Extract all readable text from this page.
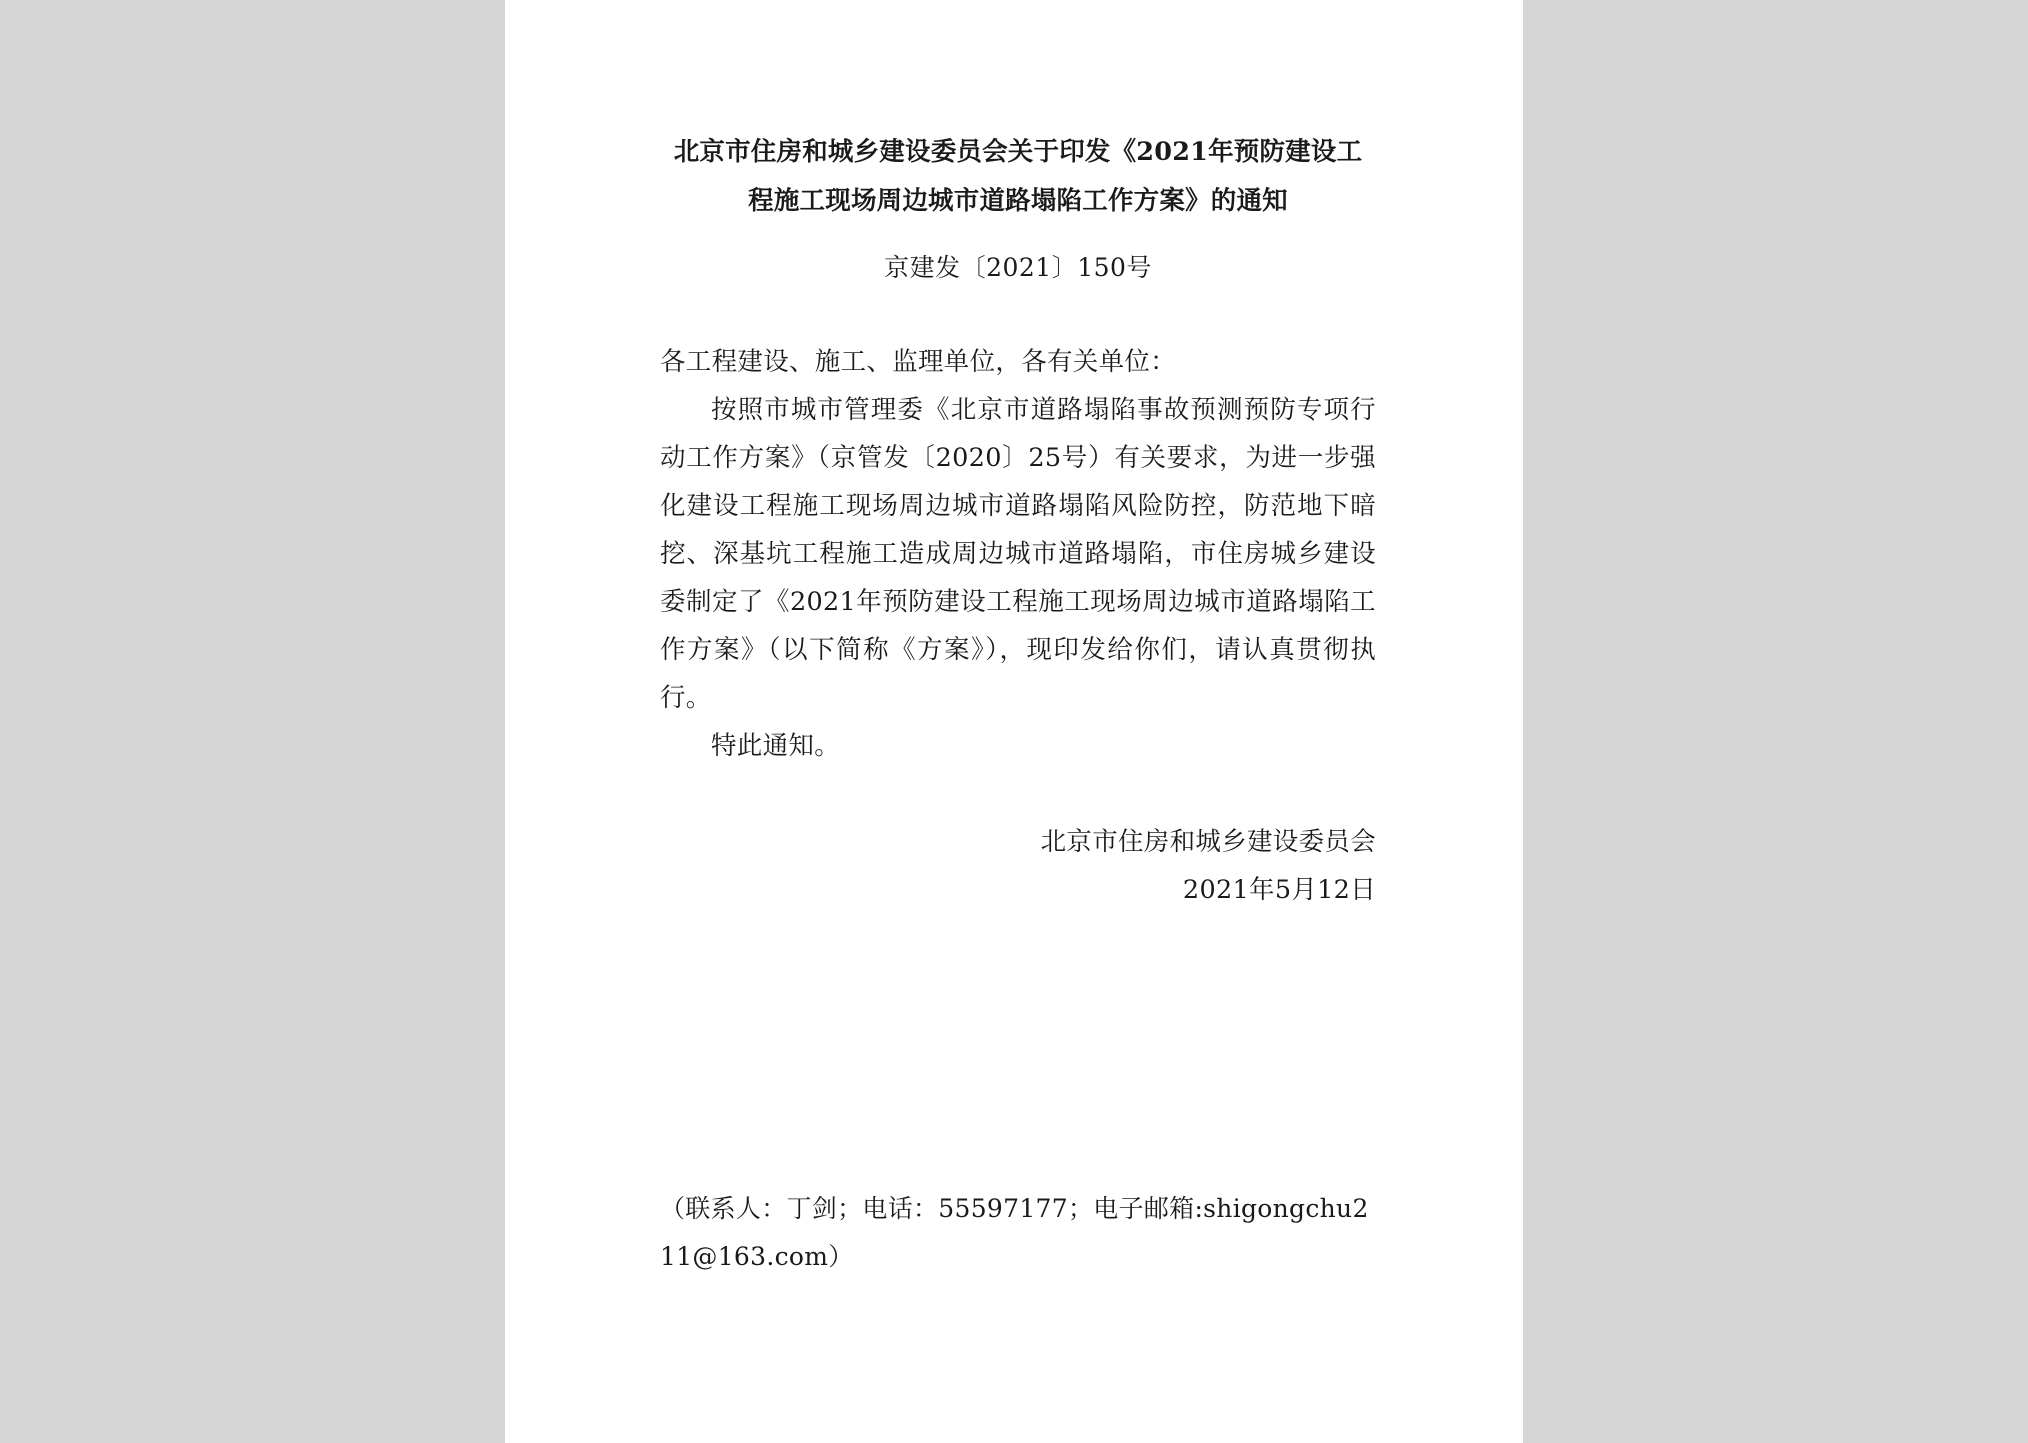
北京市住房和城乡建设委员会关于印发《2021年预防建设工
程施工现场周边城市道路塌陷工作方案》的通知
京建发〔2021〕150号

各工程建设、施工、监理单位，各有关单位：

按照市城市管理委《北京市道路塌陷事故预测预防专项行动工作方案》（京管发〔2020〕25号）有关要求，为进一步强化建设工程施工现场周边城市道路塌陷风险防控，防范地下暗挖、深基坑工程施工造成周边城市道路塌陷，市住房城乡建设委制定了《2021年预防建设工程施工现场周边城市道路塌陷工作方案》（以下简称《方案》），现印发给你们，请认真贯彻执行。

特此通知。

北京市住房和城乡建设委员会
2021年5月12日

（联系人：丁剑；电话：55597177；电子邮箱:shigongchu211@163.com）
